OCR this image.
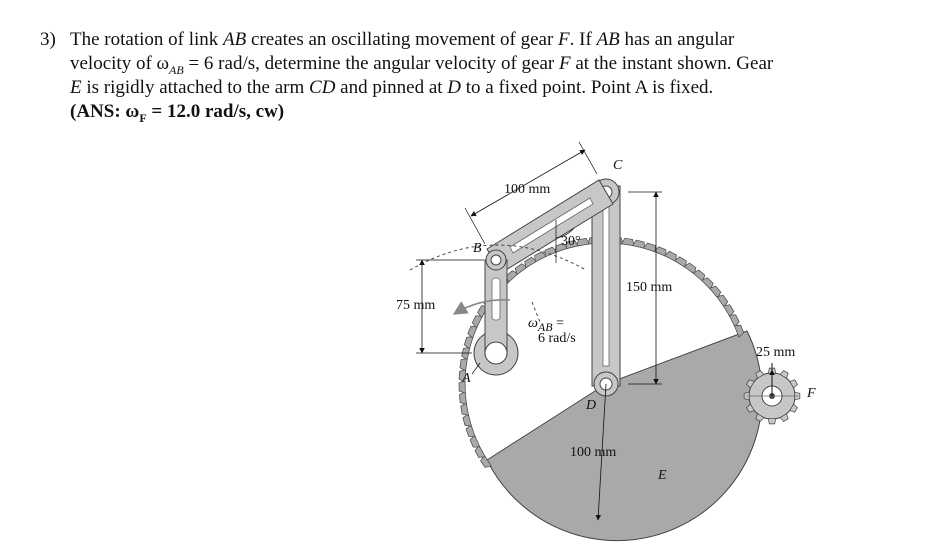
3) The rotation of link AB creates an oscillating movement of gear F. If AB has an angular
velocity of $\omega_{AB} = 6$ rad/s, determine the angular velocity of gear F at the instant shown. Gear
E is rigidly attached to the arm CD and pinned at D to a fixed point. Point A is fixed.
(ANS: $\omega_F = 12.0$ rad/s, cw)
C
B
A
D
E
F
100 mm
30°
150 mm
75 mm
$\omega_{AB}$ =
6 rad/s
100 mm
25 mm
